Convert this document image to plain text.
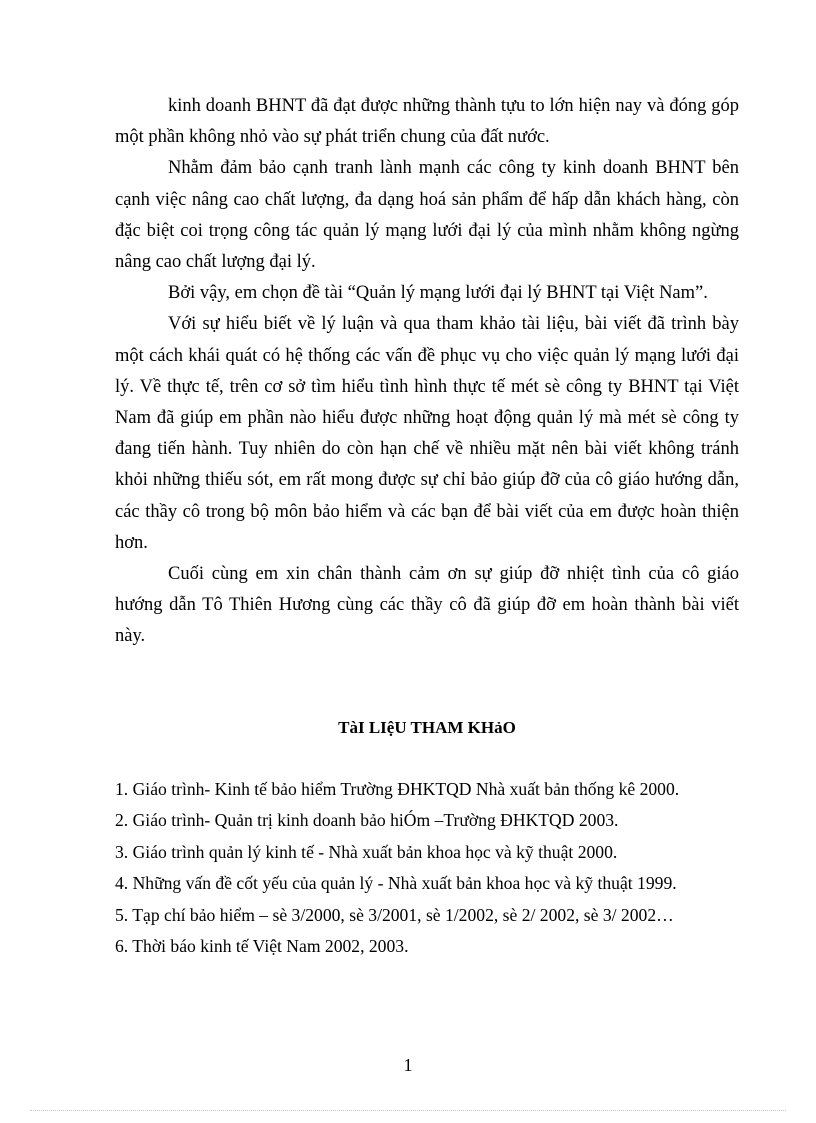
kinh doanh BHNT đã đạt được những thành tựu to lớn hiện nay và đóng góp một phần không nhỏ vào sự phát triển chung của đất nước.

Nhằm đảm bảo cạnh tranh lành mạnh các công ty kinh doanh BHNT bên cạnh việc nâng cao chất lượng, đa dạng hoá sản phẩm để hấp dẫn khách hàng, còn đặc biệt coi trọng công tác quản lý mạng lưới đại lý của mình nhằm không ngừng nâng cao chất lượng đại lý.

Bởi vậy, em chọn đề tài “Quản lý mạng lưới đại lý BHNT tại Việt Nam”.

Với sự hiểu biết về lý luận và qua tham khảo tài liệu, bài viết đã trình bày một cách khái quát có hệ thống các vấn đề phục vụ cho việc quản lý mạng lưới đại lý. Về thực tế, trên cơ sở tìm hiểu tình hình thực tế mét sè công ty BHNT tại Việt Nam đã giúp em phần nào hiểu được những hoạt động quản lý mà mét sè công ty đang tiến hành. Tuy nhiên do còn hạn chế về nhiều mặt nên bài viết không tránh khỏi những thiếu sót, em rất mong được sự chỉ bảo giúp đỡ của cô giáo hướng dẫn, các thầy cô trong bộ môn bảo hiểm và các bạn để bài viết của em được hoàn thiện hơn.

Cuối cùng em xin chân thành cảm ơn sự giúp đỡ nhiệt tình của cô giáo hướng dẫn Tô Thiên Hương cùng các thầy cô đã giúp đỡ em hoàn thành bài viết này.

TàI LIệU THAM KHảO
1. Giáo trình- Kinh tế bảo hiểm Trường ĐHKTQD Nhà xuất bản thống kê 2000.
2. Giáo trình- Quản trị kinh doanh bảo hiÓm –Trường ĐHKTQD 2003.
3. Giáo trình quản lý kinh tế - Nhà xuất bản khoa học và kỹ thuật 2000.
4. Những vấn đề cốt yếu của quản lý - Nhà xuất bản khoa học và kỹ thuật 1999.
5. Tạp chí bảo hiểm – sè 3/2000, sè 3/2001, sè 1/2002, sè 2/ 2002, sè 3/ 2002…
6. Thời báo kinh tế Việt Nam 2002, 2003.
1
